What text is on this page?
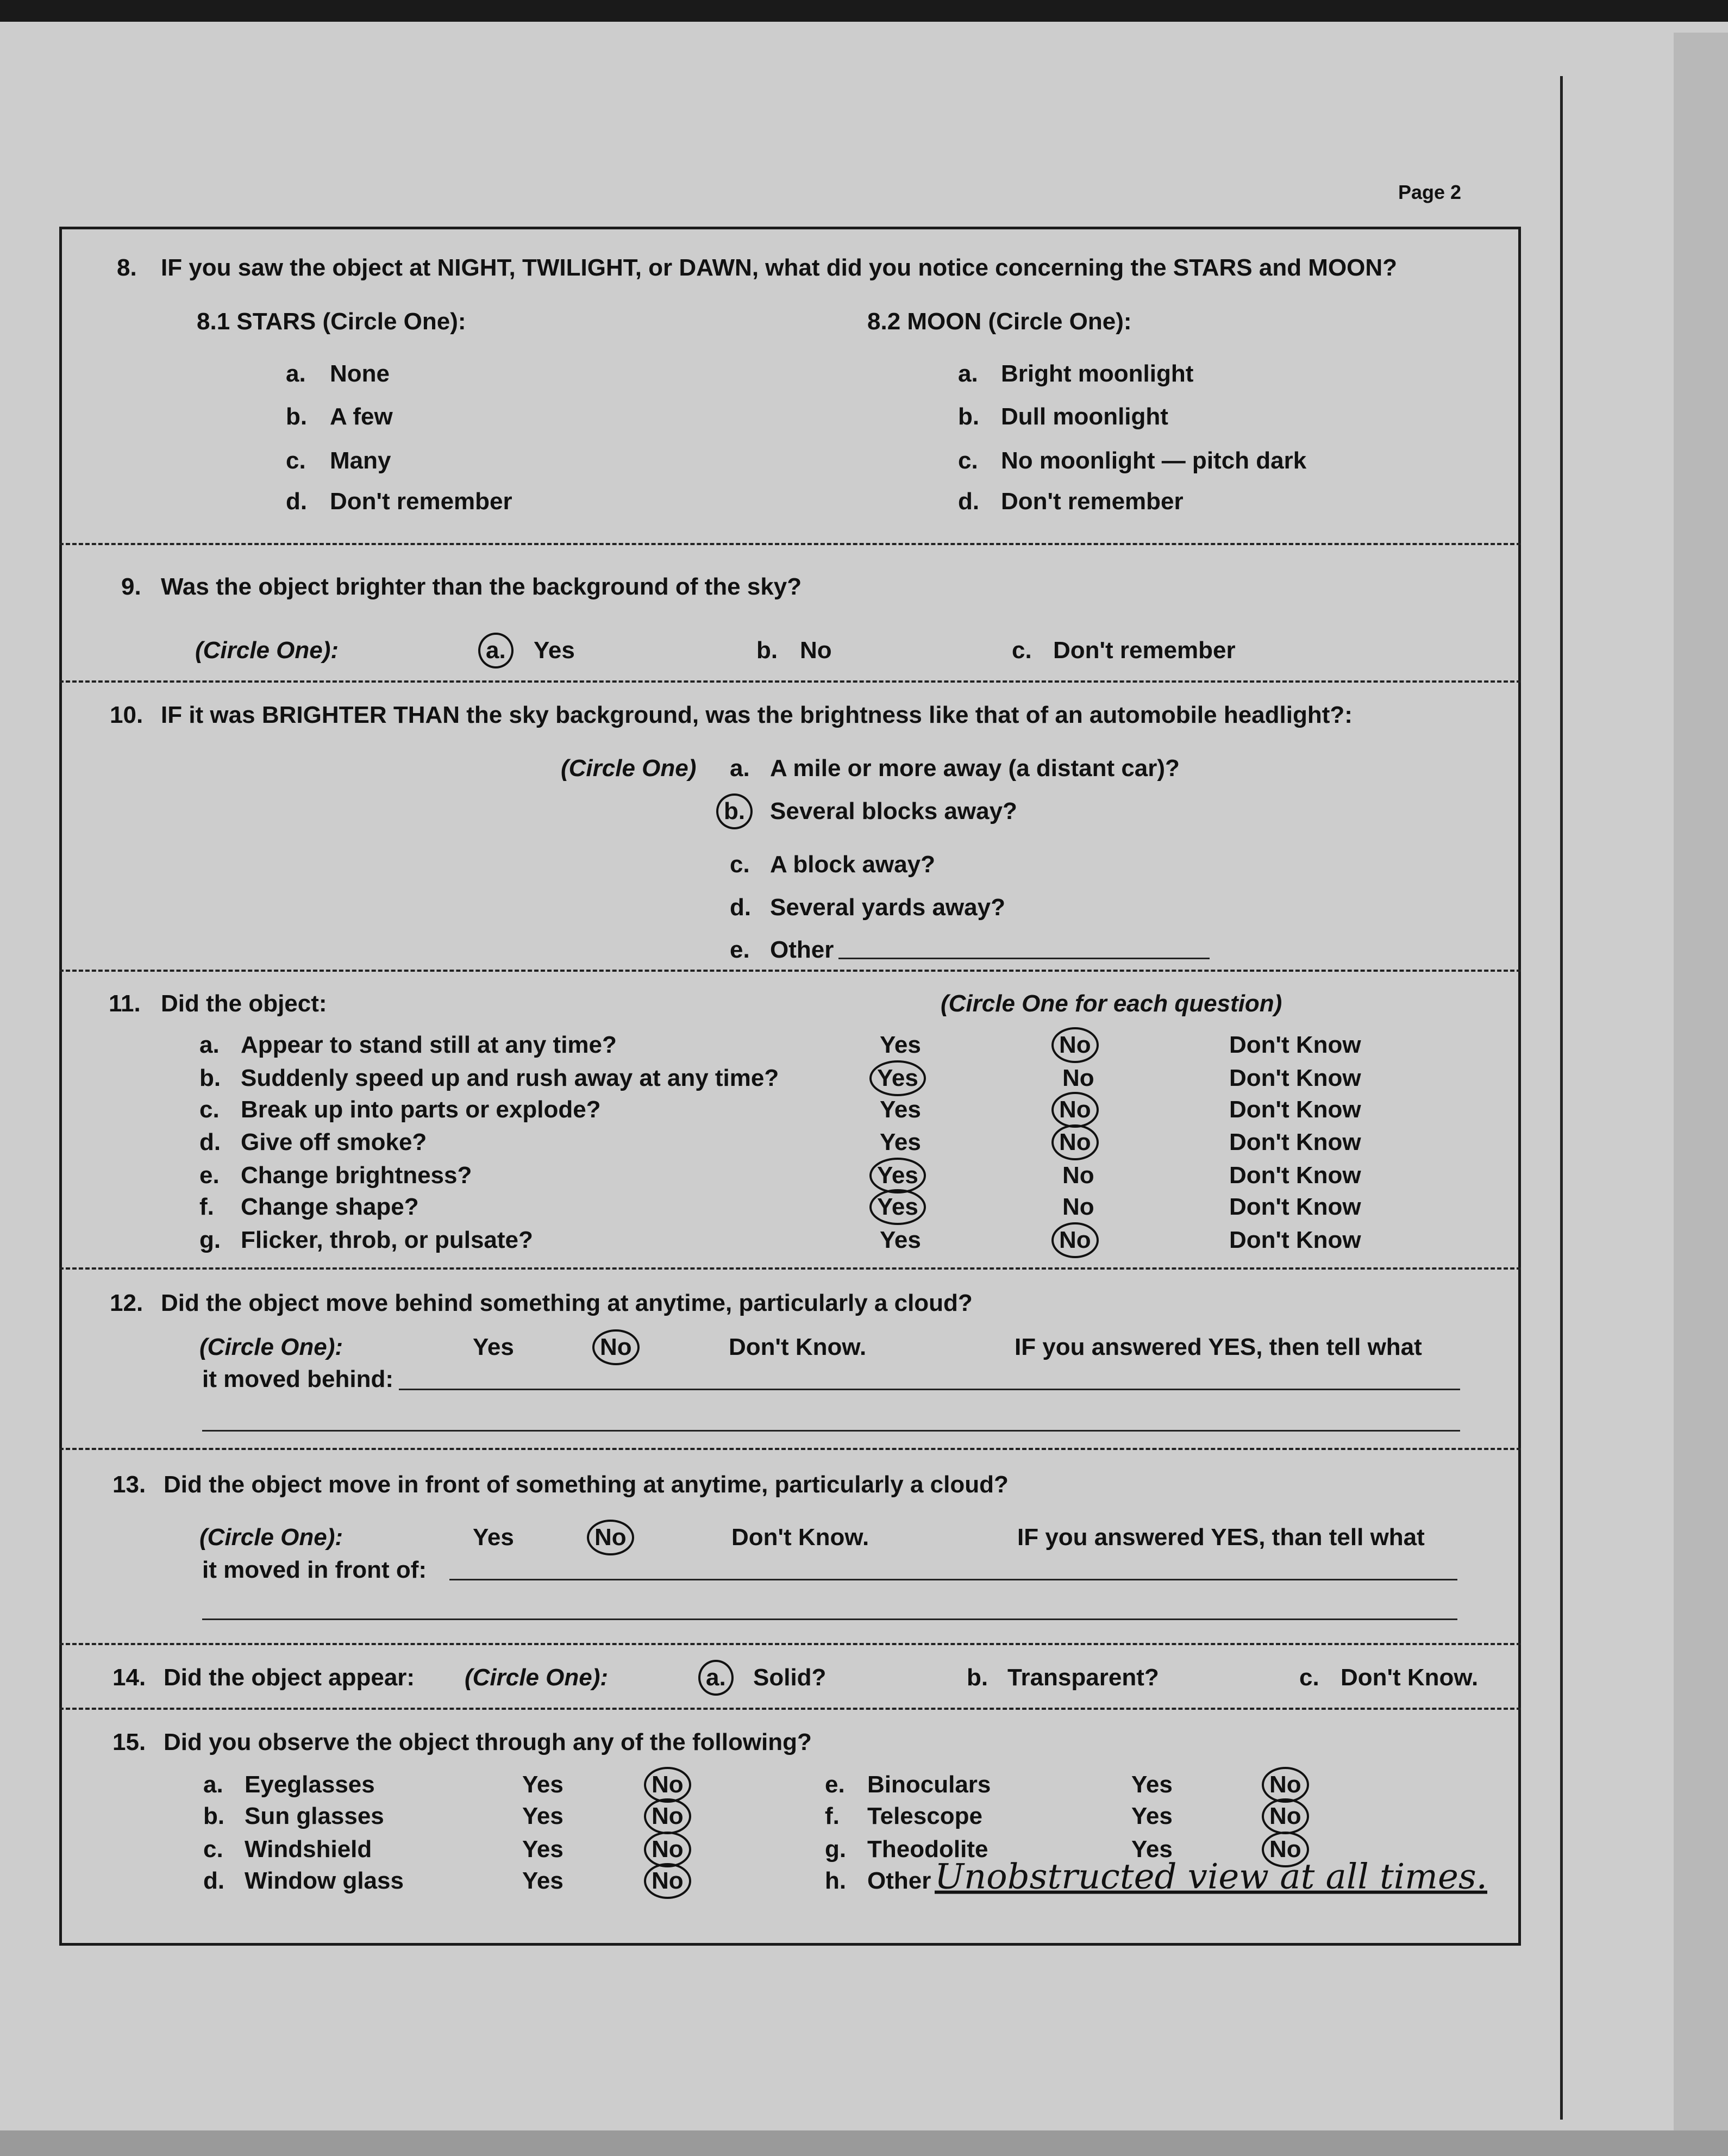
Page 2
8. IF you saw the object at NIGHT, TWILIGHT, or DAWN, what did you notice concerning the STARS and MOON?
8.1 STARS (Circle One):	8.2 MOON (Circle One):
a. None
b. A few
c. Many
d. Don't remember
a. Bright moonlight
b. Dull moonlight
c. No moonlight — pitch dark
d. Don't remember
9. Was the object brighter than the background of the sky?
(Circle One):	a.	Yes	b. No	c. Don't remember
10. IF it was BRIGHTER THAN the sky background, was the brightness like that of an automobile headlight?:
(Circle One) a. A mile or more away (a distant car)?
b.	Several blocks away?
c. A block away?
d. Several yards away?
e. Other
11. Did the object:	(Circle One for each question)
a. Appear to stand still at any time?	Yes	No	Don't Know
b. Suddenly speed up and rush away at any time?	Yes	No	Don't Know
c. Break up into parts or explode?	Yes	No	Don't Know
d. Give off smoke?	Yes	No	Don't Know
e. Change brightness?	Yes	No	Don't Know
f. Change shape?	Yes	No	Don't Know
g. Flicker, throb, or pulsate?	Yes	No	Don't Know
12. Did the object move behind something at anytime, particularly a cloud?
(Circle One):	Yes	No	Don't Know.	IF you answered YES, then tell what
it moved behind:
13. Did the object move in front of something at anytime, particularly a cloud?
(Circle One):	Yes	No	Don't Know.	IF you answered YES, than tell what
it moved in front of:
14. Did the object appear: (Circle One):	a.	Solid?	b. Transparent?	c. Don't Know.
15. Did you observe the object through any of the following?
a. Eyeglasses	Yes	No
b. Sun glasses	Yes	No
c. Windshield	Yes	No
d. Window glass	Yes	No
e. Binoculars	Yes	No
f. Telescope	Yes	No
g. Theodolite	Yes	No
h. Other Unobstructed view at all times.
